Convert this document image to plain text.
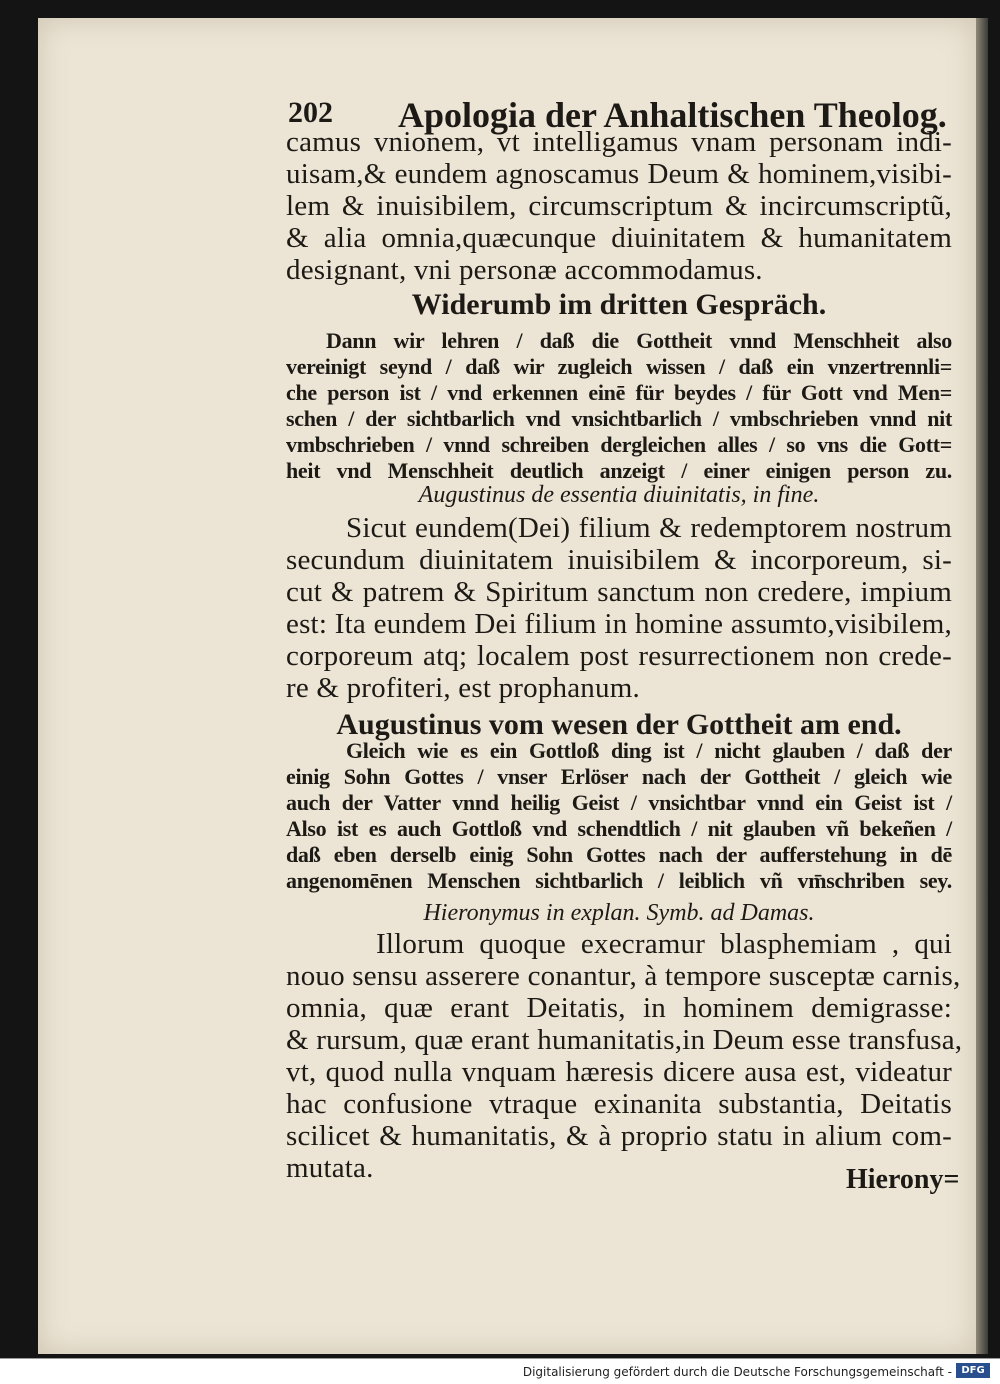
202 Apologia der Anhaltischen Theolog.
camus vnionem, vt intelligamus vnam personam indi-
uisam,& eundem agnoscamus Deum & hominem,visibi-
lem & inuisibilem, circumscriptum & incircumscriptũ,
& alia omnia,quæcunque diuinitatem & humanitatem
designant, vni personæ accommodamus.
Widerumb im dritten Gespräch.
Dann wir lehren / daß die Gottheit vnnd Menschheit also
vereinigt seynd / daß wir zugleich wissen / daß ein vnzertrennli=
che person ist / vnd erkennen einē für beydes / für Gott vnd Men=
schen / der sichtbarlich vnd vnsichtbarlich / vmbschrieben vnnd nit
vmbschrieben / vnnd schreiben dergleichen alles / so vns die Gott=
heit vnd Menschheit deutlich anzeigt / einer einigen person zu.
Augustinus de essentia diuinitatis, in fine.
Sicut eundem(Dei) filium & redemptorem nostrum
secundum diuinitatem inuisibilem & incorporeum, si-
cut & patrem & Spiritum sanctum non credere, impium
est: Ita eundem Dei filium in homine assumto,visibilem,
corporeum atq; localem post resurrectionem non crede-
re & profiteri, est prophanum.
Augustinus vom wesen der Gottheit am end.
Gleich wie es ein Gottloß ding ist / nicht glauben / daß der
einig Sohn Gottes / vnser Erlöser nach der Gottheit / gleich wie
auch der Vatter vnnd heilig Geist / vnsichtbar vnnd ein Geist ist /
Also ist es auch Gottloß vnd schendtlich / nit glauben vñ bekeñen /
daß eben derselb einig Sohn Gottes nach der aufferstehung in dē
angenomēnen Menschen sichtbarlich / leiblich vñ vm̄schriben sey.
Hieronymus in explan. Symb. ad Damas.
Illorum quoque execramur blasphemiam , qui
nouo sensu asserere conantur, à tempore susceptæ carnis,
omnia, quæ erant Deitatis, in hominem demigrasse:
& rursum, quæ erant humanitatis,in Deum esse transfusa,
vt, quod nulla vnquam hæresis dicere ausa est, videatur
hac confusione vtraque exinanita substantia, Deitatis
scilicet & humanitatis, & à proprio statu in alium com-
mutata.	Hierony=
Digitalisierung gefördert durch die Deutsche Forschungsgemeinschaft - DFG
